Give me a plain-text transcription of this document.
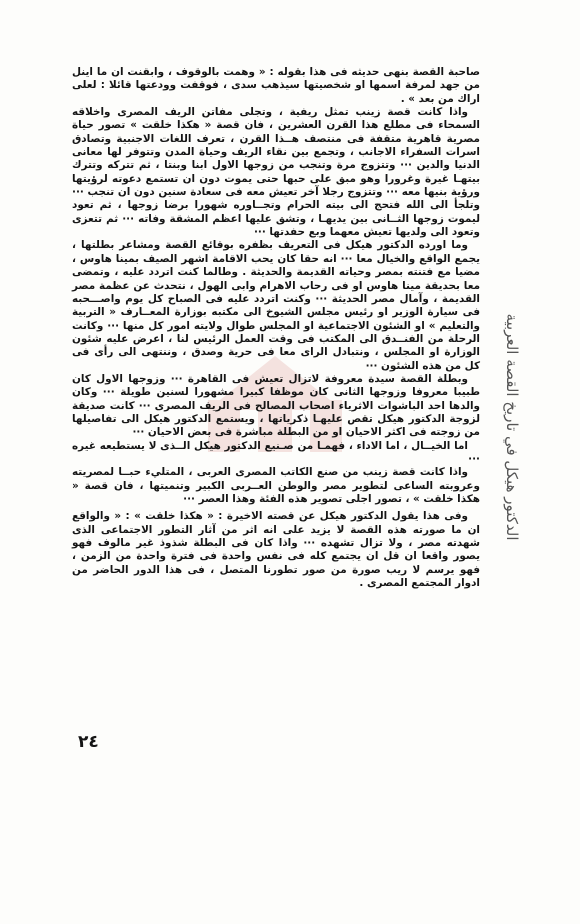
الدكتور هيكل في تاريخ القصة العربية

صاحبة القصة بنهى حديثه فى هذا بقوله : « وهمت بالوقوف ، وابقنت ان ما اينل من جهد لمرفة اسمها او شخصيتها سيذهب سدى ، فوقفت وودعتها قائلا : لعلى اراك من بعد » .

واذا كانت قصة زينب تمثل ريفية ، وتجلى مفاتن الريف المصرى واخلاقه السمحاء فى مطلع هذا القرن العشرين ، فان قصة « هكذا خلقت » تصور حياة مصرية قاهرية متقفة فى منتصف هــذا القرن ، تعرف اللغات الاجنبية وتصادق اسرات السفراء الاجانب ، وتجمع بين نقاء الريف وحياة المدن وتتوفر لها معانى الدنيا والدين ··· وتتزوج مرة وتنجب من زوجها الاول ابنا وبنتا ، ثم تتركه وتترك بيتهـا غيرة وغرورا وهو مبق على حبها حتى يموت دون ان تستمع دعوته لرؤيتها ورؤية بنيها معه ··· وتتزوج رجلا آخر تعيش معه فى سعادة سنين دون ان تنجب ··· وتلجأ الى الله فتحج الى بيته الحرام وتجــاوره شهورا برضا زوجها ، ثم تعود ليموت زوجها الثــانى بين يديهـا ، وتشق عليها اعظم المشقة وفاته ··· ثم تتعزى وتعود الى ولديها تعيش معهما وبع حفدتها ···

وما اورده الدكتور هيكل فى التعريف بظفره بوقائع القصة ومشاعر بطلتها ، يجمع الواقع والخيال معا ··· انه حقا كان يحب الاقامة اشهر الصيف بمينا هاوس ، مضيا مع فتنته بمصر وحياته القديمة والحديثة . وطالما كنت اتردد عليه ، وتمضى معا بحديقة مينا هاوس او فى رحاب الاهرام وابى الهول ، نتحدث عن عظمة مصر القديمة ، وآمال مصر الحديثة ··· وكنت اتردد عليه فى الصباح كل يوم واصـــحبه فى سيارة الوزير او رئيس مجلس الشيوخ الى مكتبه بوزارة المعــارف « التربية والتعليم » او الشئون الاجتماعية او المجلس طوال ولايته امور كل منها ··· وكانت الرحلة من الفنــدق الى المكتب فى وقت العمل الرئيس لنا ، اعرض عليه شئون الوزارة او المجلس ، ونتبادل الراى معا فى حرية وصدق ، وننتهى الى رأى فى كل من هذه الشئون ···

وبطلة القصة سيدة معروفة لاتزال تعيش فى القاهرة ··· وزوجها الاول كان طبيبا معروفا وزوجها الثانى كان موظفا كبيرا مشهورا لسنين طويلة ··· وكان والدها احد الباشوات الاثرياء اصحاب المصالح فى الريف المصرى ··· كانت صديقة لزوجة الدكتور هيكل تقص عليهـا ذكرياتها ، ويستمع الدكتور هيكل الى تفاصيلها من زوجته فى اكثر الاحيان او من البطلة مباشرة فى بعض الاحيان ···

اما الخيــال ، اما الاداء ، فهمـا من صـنيع الدكتور هيكل الــذى لا يستطيعه غيره ···

واذا كانت قصة زينب من صنع الكاتب المصرى العربى ، المتليء حبــا لمصريته وعروبته الساعى لتطوير مصر والوطن العــربى الكبير وتنميتها ، فان قصة « هكذا خلقت » ، تصور اجلى تصوير هذه الفئة وهذا العصر ···

وفى هذا يقول الدكتور هيكل عن قصته الاخيرة : « هكذا خلقت » : « والواقع ان ما صورته هذه القصة لا يزيد على انه اثر من آثار التطور الاجتماعى الذى شهدته مصر ، ولا تزال تشهده ··· واذا كان فى البطلة شذوذ غير مالوف فهو يصور واقعا ان قل ان يجتمع كله فى نفس واحدة فى فترة واحدة من الزمن ، فهو يرسم لا ريب صورة من صور تطورنا المتصل ، فى هذا الدور الحاضر من ادوار المجتمع المصرى .

٢٤
